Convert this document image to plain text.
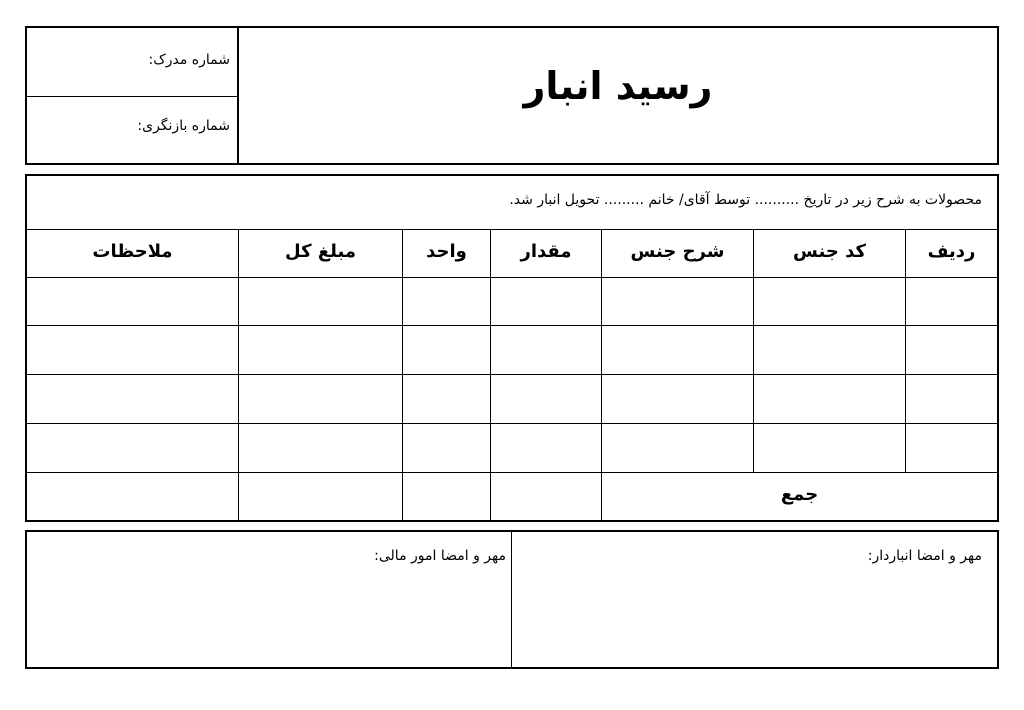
رسید انبار
شماره مدرک:
شماره بازنگری:
محصولات به شرح زیر در تاریخ .......... توسط آقای/ خانم ......... تحویل انبار شد.
ردیف
کد جنس
شرح جنس
مقدار
واحد
مبلغ کل
ملاحظات
جمع
مهر و امضا انباردار:
مهر و امضا امور مالی:
